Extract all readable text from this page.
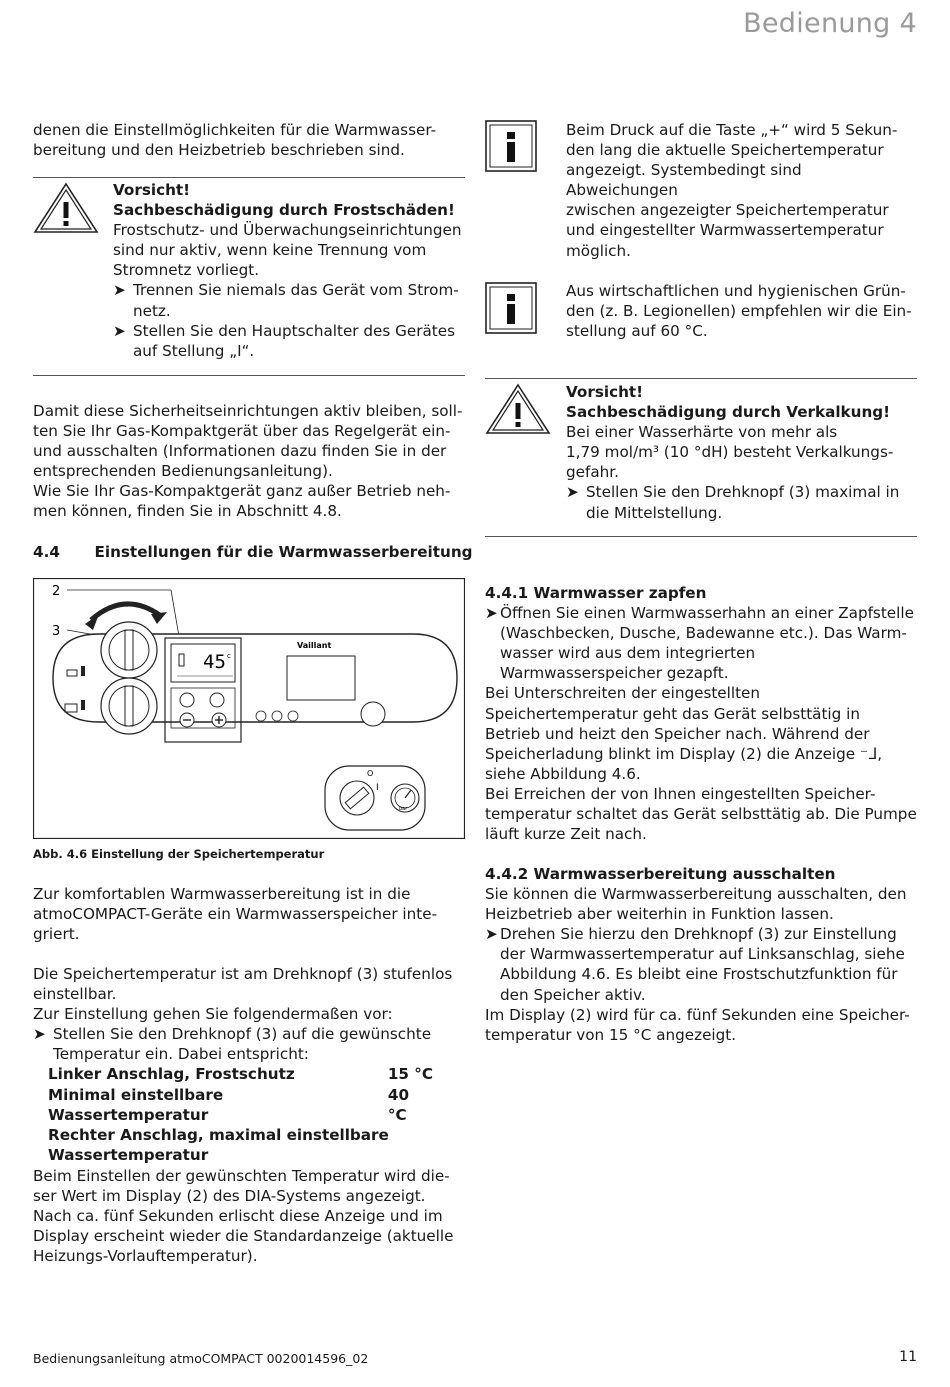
Bedienung 4
denen die Einstellmöglichkeiten für die Warmwasser-
bereitung und den Heizbetrieb beschrieben sind.
Vorsicht!
Sachbeschädigung durch Frostschäden!
Frostschutz- und Überwachungseinrichtungen
sind nur aktiv, wenn keine Trennung vom
Stromnetz vorliegt.
➤ Trennen Sie niemals das Gerät vom Strom-
netz.
➤ Stellen Sie den Hauptschalter des Gerätes
auf Stellung „I“.
Damit diese Sicherheitseinrichtungen aktiv bleiben, soll-
ten Sie Ihr Gas-Kompaktgerät über das Regelgerät ein-
und ausschalten (Informationen dazu finden Sie in der
entsprechenden Bedienungsanleitung).
Wie Sie Ihr Gas-Kompaktgerät ganz außer Betrieb neh-
men können, finden Sie in Abschnitt 4.8.
4.4 Einstellungen für die Warmwasserbereitung
2
3
45 c
Vaillant
O
I
bar
Abb. 4.6 Einstellung der Speichertemperatur
Zur komfortablen Warmwasserbereitung ist in die
atmoCOMPACT-Geräte ein Warmwasserspeicher inte-
griert.
Die Speichertemperatur ist am Drehknopf (3) stufenlos
einstellbar.
Zur Einstellung gehen Sie folgendermaßen vor:
➤ Stellen Sie den Drehknopf (3) auf die gewünschte
Temperatur ein. Dabei entspricht:
Linker Anschlag, Frostschutz	15 °C
Minimal einstellbare Wassertemperatur
40 °C
Rechter Anschlag, maximal einstellbare
Wassertemperatur
Beim Einstellen der gewünschten Temperatur wird die-
ser Wert im Display (2) des DIA-Systems angezeigt.
Nach ca. fünf Sekunden erlischt diese Anzeige und im
Display erscheint wieder die Standardanzeige (aktuelle
Heizungs-Vorlauftemperatur).
Beim Druck auf die Taste „+“ wird 5 Sekun-
den lang die aktuelle Speichertemperatur
angezeigt. Systembedingt sind Abweichungen
zwischen angezeigter Speichertemperatur
und eingestellter Warmwassertemperatur
möglich.
Aus wirtschaftlichen und hygienischen Grün-
den (z. B. Legionellen) empfehlen wir die Ein-
stellung auf 60 °C.
Vorsicht!
Sachbeschädigung durch Verkalkung!
Bei einer Wasserhärte von mehr als
1,79 mol/m³ (10 °dH) besteht Verkalkungs-
gefahr.
➤ Stellen Sie den Drehknopf (3) maximal in
die Mittelstellung.
4.4.1 Warmwasser zapfen
➤ Öffnen Sie einen Warmwasserhahn an einer Zapfstelle
(Waschbecken, Dusche, Badewanne etc.). Das Warm-
wasser wird aus dem integrierten
Warmwasserspeicher gezapft.
Bei Unterschreiten der eingestellten
Speichertemperatur geht das Gerät selbsttätig in
Betrieb und heizt den Speicher nach. Während der
Speicherladung blinkt im Display (2) die Anzeige ⁻ᒧ,
siehe Abbildung 4.6.
Bei Erreichen der von Ihnen eingestellten Speicher-
temperatur schaltet das Gerät selbsttätig ab. Die Pumpe
läuft kurze Zeit nach.
4.4.2 Warmwasserbereitung ausschalten
Sie können die Warmwasserbereitung ausschalten, den
Heizbetrieb aber weiterhin in Funktion lassen.
➤ Drehen Sie hierzu den Drehknopf (3) zur Einstellung
der Warmwassertemperatur auf Linksanschlag, siehe
Abbildung 4.6. Es bleibt eine Frostschutzfunktion für
den Speicher aktiv.
Im Display (2) wird für ca. fünf Sekunden eine Speicher-
temperatur von 15 °C angezeigt.
Bedienungsanleitung atmoCOMPACT 0020014596_02	11
